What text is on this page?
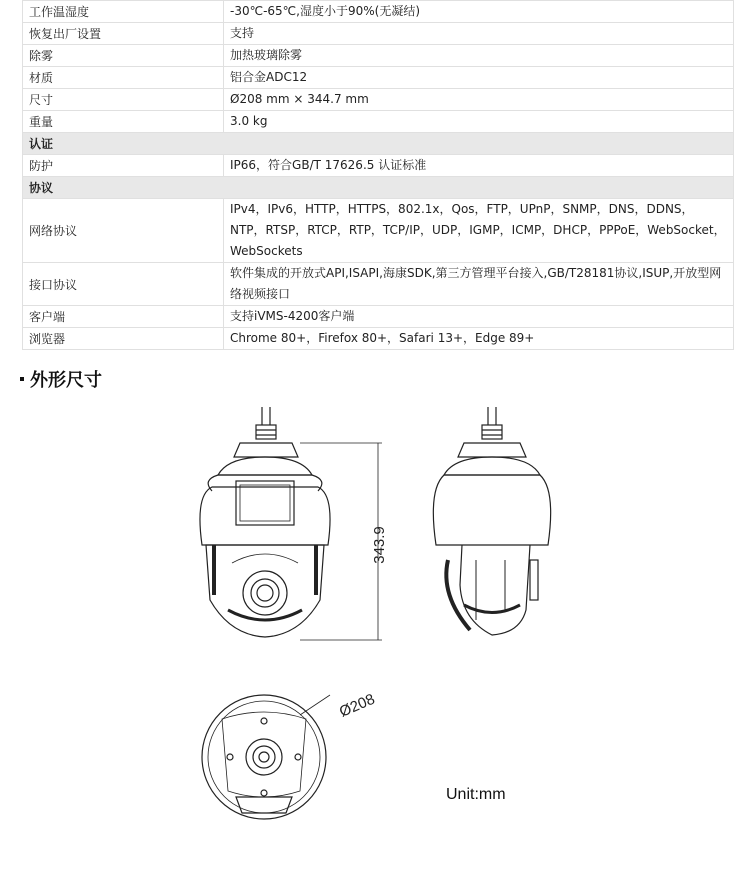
工作温湿度	-30℃-65℃,湿度小于90%(无凝结)
恢复出厂设置	支持
除雾	加热玻璃除雾
材质	铝合金ADC12
尺寸	Ø208 mm × 344.7 mm
重量	3.0 kg
认证	
防护	IP66，符合GB/T 17626.5 认证标准
协议	
网络协议	IPv4，IPv6，HTTP，HTTPS，802.1x，Qos，FTP，UPnP，SNMP，DNS，DDNS，NTP，RTSP，RTCP，RTP，TCP/IP，UDP，IGMP，ICMP，DHCP，PPPoE，WebSocket，WebSockets
接口协议	软件集成的开放式API,ISAPI,海康SDK,第三方管理平台接入,GB/T28181协议,ISUP,开放型网络视频接口
客户端	支持iVMS-4200客户端
浏览器	Chrome 80+，Firefox 80+，Safari 13+，Edge 89+
外形尺寸
343.9
Ø208
Unit:mm
